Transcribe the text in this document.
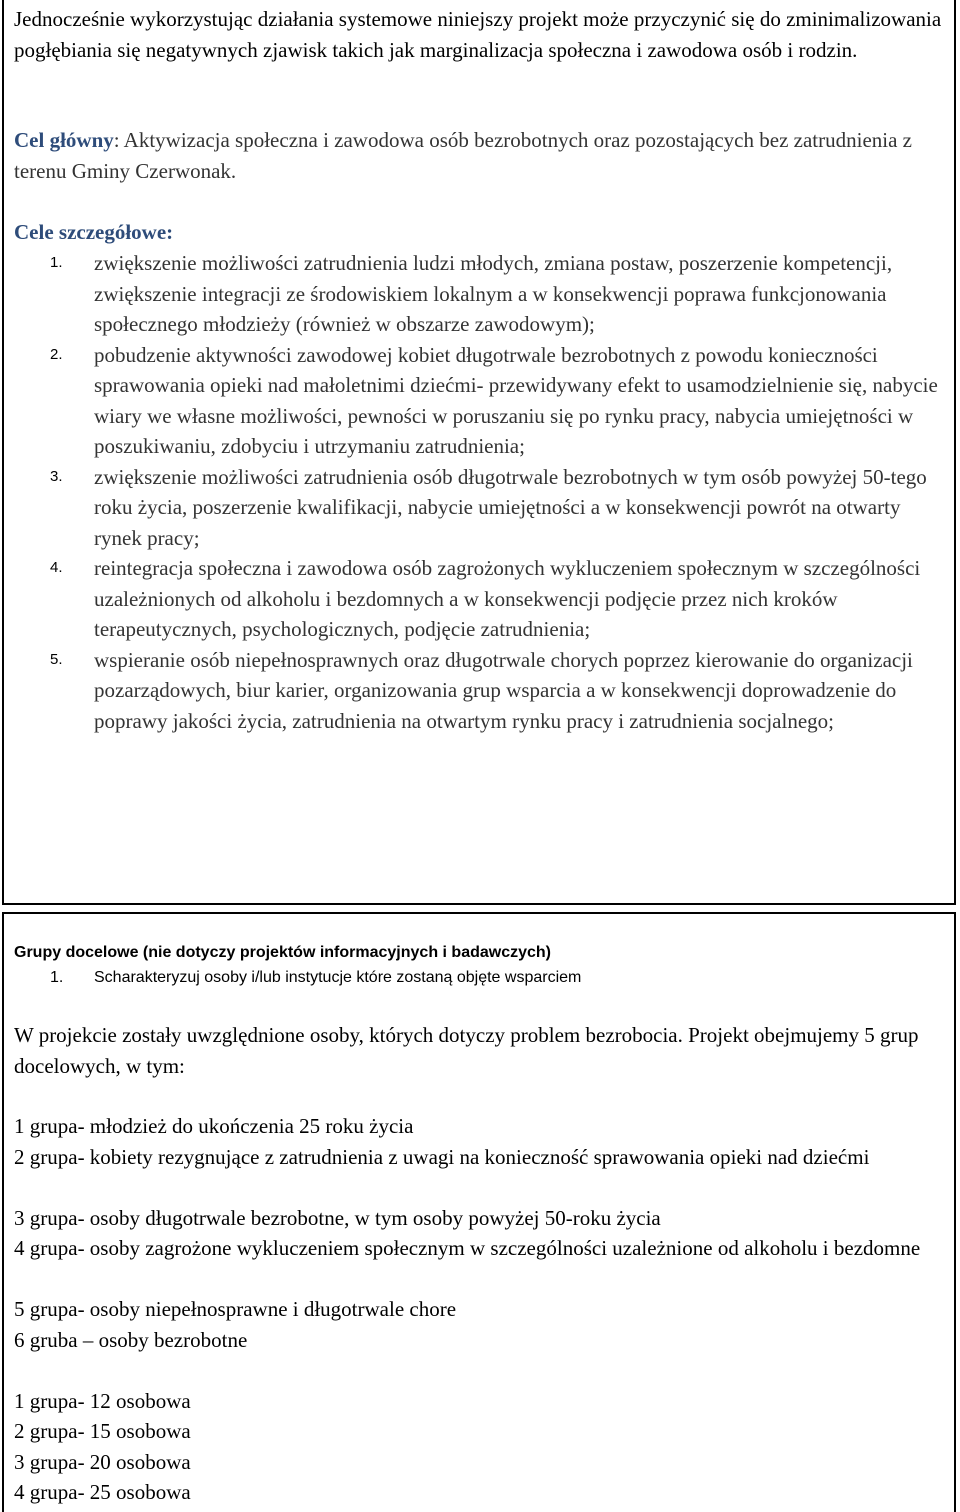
Jednocześnie wykorzystując działania systemowe niniejszy projekt może przyczynić się do zminimalizowania pogłębiania się negatywnych zjawisk takich jak marginalizacja społeczna i zawodowa osób i rodzin.
Cel główny: Aktywizacja społeczna i zawodowa osób bezrobotnych oraz pozostających bez zatrudnienia z terenu Gminy Czerwonak.
Cele szczegółowe:
1. zwiększenie możliwości zatrudnienia ludzi młodych, zmiana postaw, poszerzenie kompetencji, zwiększenie integracji ze środowiskiem lokalnym a w konsekwencji poprawa funkcjonowania społecznego młodzieży (również w obszarze zawodowym);
2. pobudzenie aktywności zawodowej kobiet długotrwale bezrobotnych z powodu konieczności sprawowania opieki nad małoletnimi dziećmi- przewidywany efekt to usamodzielnienie się, nabycie wiary we własne możliwości, pewności w poruszaniu się po rynku pracy, nabycia umiejętności w poszukiwaniu, zdobyciu i utrzymaniu zatrudnienia;
3. zwiększenie możliwości zatrudnienia osób długotrwale bezrobotnych w tym osób powyżej 50-tego roku życia, poszerzenie kwalifikacji, nabycie umiejętności a w konsekwencji powrót na otwarty rynek pracy;
4. reintegracja społeczna i zawodowa osób zagrożonych wykluczeniem społecznym w szczególności uzależnionych od alkoholu i bezdomnych a w konsekwencji podjęcie przez nich kroków terapeutycznych, psychologicznych, podjęcie zatrudnienia;
5. wspieranie osób niepełnosprawnych oraz długotrwale chorych poprzez kierowanie do organizacji pozarządowych, biur karier, organizowania grup wsparcia a w konsekwencji doprowadzenie do poprawy jakości życia, zatrudnienia na otwartym rynku pracy i zatrudnienia socjalnego;
Grupy docelowe (nie dotyczy projektów informacyjnych i badawczych)
1. Scharakteryzuj osoby i/lub instytucje które zostaną objęte wsparciem
W projekcie zostały uwzględnione osoby, których dotyczy problem bezrobocia. Projekt obejmujemy 5 grup docelowych, w tym:
1 grupa- młodzież do ukończenia 25 roku życia
2 grupa- kobiety rezygnujące z zatrudnienia z uwagi na konieczność sprawowania opieki nad dziećmi
3 grupa- osoby długotrwale bezrobotne, w tym osoby powyżej 50-roku życia
4 grupa- osoby zagrożone wykluczeniem społecznym w szczególności uzależnione od alkoholu i bezdomne
5 grupa- osoby niepełnosprawne i długotrwale chore
6 gruba – osoby bezrobotne
1 grupa- 12 osobowa
2 grupa- 15 osobowa
3 grupa- 20 osobowa
4 grupa- 25 osobowa
